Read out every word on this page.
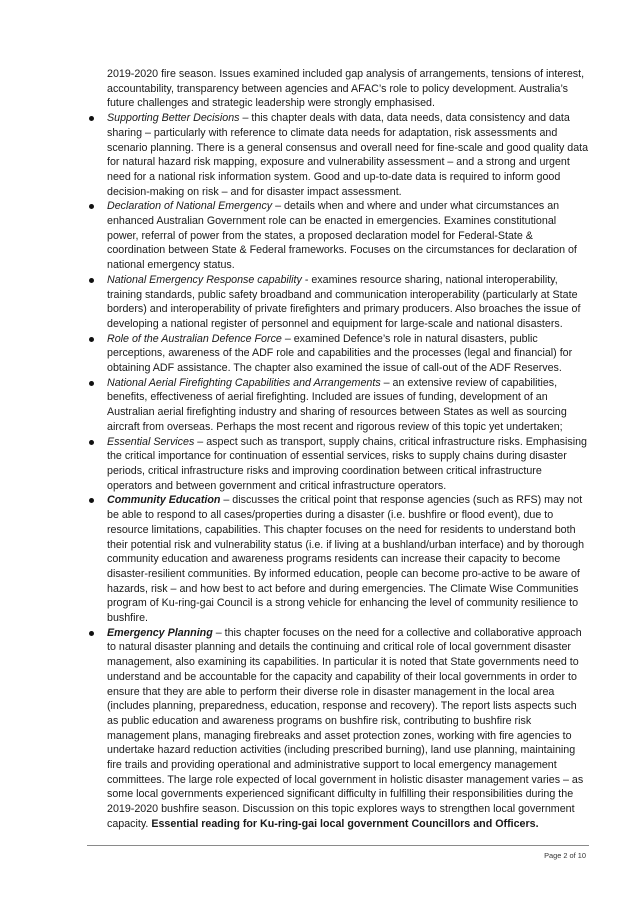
2019-2020 fire season. Issues examined included gap analysis of arrangements, tensions of interest, accountability, transparency between agencies and AFAC’s role to policy development. Australia’s future challenges and strategic leadership were strongly emphasised.

Supporting Better Decisions – this chapter deals with data, data needs, data consistency and data sharing – particularly with reference to climate data needs for adaptation, risk assessments and scenario planning. There is a general consensus and overall need for fine-scale and good quality data for natural hazard risk mapping, exposure and vulnerability assessment – and a strong and urgent need for a national risk information system. Good and up-to-date data is required to inform good decision-making on risk – and for disaster impact assessment.
Declaration of National Emergency – details when and where and under what circumstances an enhanced Australian Government role can be enacted in emergencies. Examines constitutional power, referral of power from the states, a proposed declaration model for Federal-State & coordination between State & Federal frameworks. Focuses on the circumstances for declaration of national emergency status.
National Emergency Response capability - examines resource sharing, national interoperability, training standards, public safety broadband and communication interoperability (particularly at State borders) and interoperability of private firefighters and primary producers. Also broaches the issue of developing a national register of personnel and equipment for large-scale and national disasters.
Role of the Australian Defence Force – examined Defence’s role in natural disasters, public perceptions, awareness of the ADF role and capabilities and the processes (legal and financial) for obtaining ADF assistance. The chapter also examined the issue of call-out of the ADF Reserves.
National Aerial Firefighting Capabilities and Arrangements – an extensive review of capabilities, benefits, effectiveness of aerial firefighting. Included are issues of funding, development of an Australian aerial firefighting industry and sharing of resources between States as well as sourcing aircraft from overseas. Perhaps the most recent and rigorous review of this topic yet undertaken;
Essential Services – aspect such as transport, supply chains, critical infrastructure risks. Emphasising the critical importance for continuation of essential services, risks to supply chains during disaster periods, critical infrastructure risks and improving coordination between critical infrastructure operators and between government and critical infrastructure operators.
Community Education – discusses the critical point that response agencies (such as RFS) may not be able to respond to all cases/properties during a disaster (i.e. bushfire or flood event), due to resource limitations, capabilities. This chapter focuses on the need for residents to understand both their potential risk and vulnerability status (i.e. if living at a bushland/urban interface) and by thorough community education and awareness programs residents can increase their capacity to become disaster-resilient communities. By informed education, people can become pro-active to be aware of hazards, risk – and how best to act before and during emergencies. The Climate Wise Communities program of Ku-ring-gai Council is a strong vehicle for enhancing the level of community resilience to bushfire.
Emergency Planning – this chapter focuses on the need for a collective and collaborative approach to natural disaster planning and details the continuing and critical role of local government disaster management, also examining its capabilities. In particular it is noted that State governments need to understand and be accountable for the capacity and capability of their local governments in order to ensure that they are able to perform their diverse role in disaster management in the local area (includes planning, preparedness, education, response and recovery). The report lists aspects such as public education and awareness programs on bushfire risk, contributing to bushfire risk management plans, managing firebreaks and asset protection zones, working with fire agencies to undertake hazard reduction activities (including prescribed burning), land use planning, maintaining fire trails and providing operational and administrative support to local emergency management committees. The large role expected of local government in holistic disaster management varies – as some local governments experienced significant difficulty in fulfilling their responsibilities during the 2019-2020 bushfire season. Discussion on this topic explores ways to strengthen local government capacity. Essential reading for Ku-ring-gai local government Councillors and Officers.
Page 2 of 10
